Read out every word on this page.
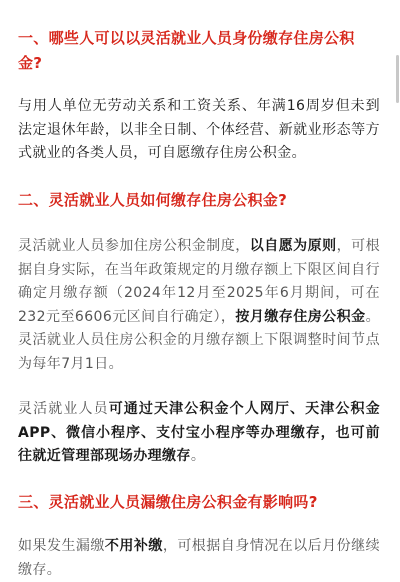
一、哪些人可以以灵活就业人员身份缴存住房公积
金?

与用人单位无劳动关系和工资关系、年满16周岁但未到法定退休年龄，以非全日制、个体经营、新就业形态等方式就业的各类人员，可自愿缴存住房公积金。

二、灵活就业人员如何缴存住房公积金?

灵活就业人员参加住房公积金制度，以自愿为原则，可根据自身实际，在当年政策规定的月缴存额上下限区间自行确定月缴存额（2024年12月至2025年6月期间，可在232元至6606元区间自行确定），按月缴存住房公积金。灵活就业人员住房公积金的月缴存额上下限调整时间节点为每年7月1日。

灵活就业人员可通过天津公积金个人网厅、天津公积金APP、微信小程序、支付宝小程序等办理缴存，也可前往就近管理部现场办理缴存。

三、灵活就业人员漏缴住房公积金有影响吗?

如果发生漏缴不用补缴，可根据自身情况在以后月份继续缴存。
